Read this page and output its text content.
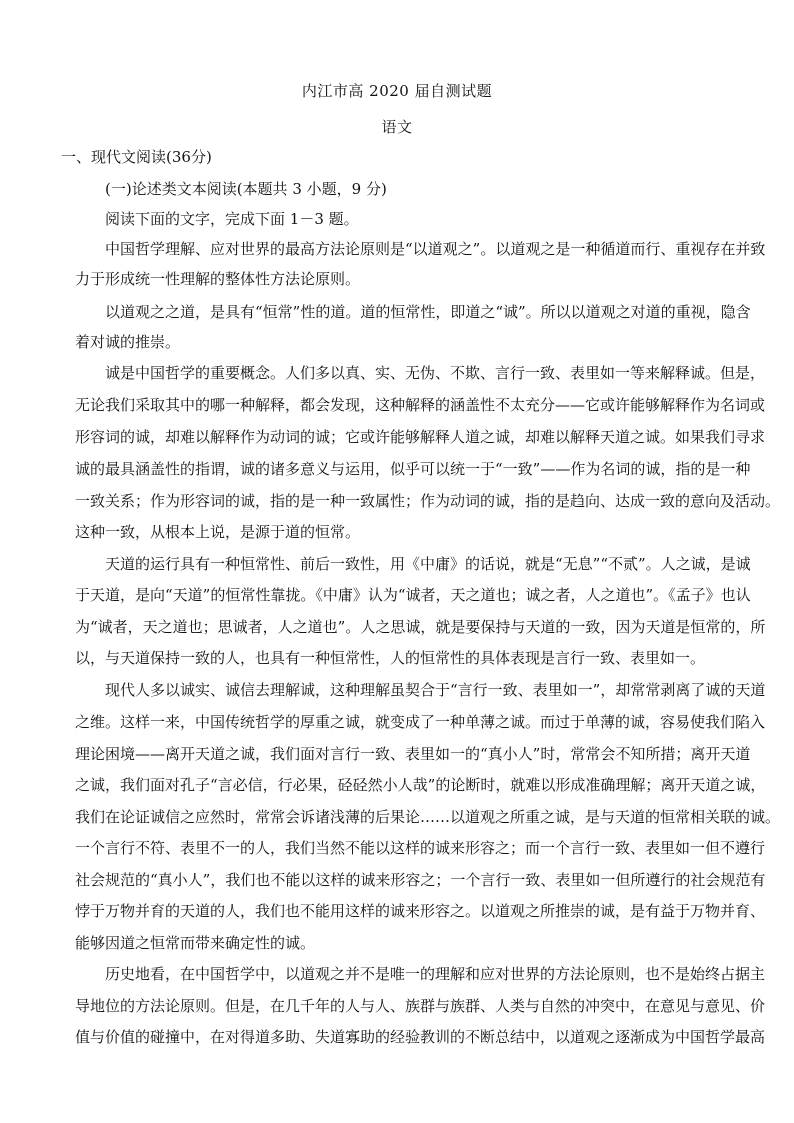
内江市高 2020 届自测试题
语文
一、现代文阅读(36分)
(一)论述类文本阅读(本题共 3 小题，9 分)
阅读下面的文字，完成下面 1－3 题。
中国哲学理解、应对世界的最高方法论原则是“以道观之”。以道观之是一种循道而行、重视存在并致
力于形成统一性理解的整体性方法论原则。
以道观之之道，是具有“恒常”性的道。道的恒常性，即道之“诚”。所以以道观之对道的重视，隐含
着对诚的推崇。
诚是中国哲学的重要概念。人们多以真、实、无伪、不欺、言行一致、表里如一等来解释诚。但是，
无论我们采取其中的哪一种解释，都会发现，这种解释的涵盖性不太充分——它或许能够解释作为名词或
形容词的诚，却难以解释作为动词的诚；它或许能够解释人道之诚，却难以解释天道之诚。如果我们寻求
诚的最具涵盖性的指谓，诚的诸多意义与运用，似乎可以统一于“一致”——作为名词的诚，指的是一种
一致关系；作为形容词的诚，指的是一种一致属性；作为动词的诚，指的是趋向、达成一致的意向及活动。
这种一致，从根本上说，是源于道的恒常。
天道的运行具有一种恒常性、前后一致性，用《中庸》的话说，就是“无息”“不贰”。人之诚，是诚
于天道，是向“天道”的恒常性靠拢。《中庸》认为“诚者，天之道也；诚之者，人之道也”。《孟子》也认
为“诚者，天之道也；思诚者，人之道也”。人之思诚，就是要保持与天道的一致，因为天道是恒常的，所
以，与天道保持一致的人，也具有一种恒常性，人的恒常性的具体表现是言行一致、表里如一。
现代人多以诚实、诚信去理解诚，这种理解虽契合于“言行一致、表里如一”，却常常剥离了诚的天道
之维。这样一来，中国传统哲学的厚重之诚，就变成了一种单薄之诚。而过于单薄的诚，容易使我们陷入
理论困境——离开天道之诚，我们面对言行一致、表里如一的“真小人”时，常常会不知所措；离开天道
之诚，我们面对孔子“言必信，行必果，硁硁然小人哉”的论断时，就难以形成准确理解；离开天道之诚，
我们在论证诚信之应然时，常常会诉诸浅薄的后果论……以道观之所重之诚，是与天道的恒常相关联的诚。
一个言行不符、表里不一的人，我们当然不能以这样的诚来形容之；而一个言行一致、表里如一但不遵行
社会规范的“真小人”，我们也不能以这样的诚来形容之；一个言行一致、表里如一但所遵行的社会规范有
悖于万物并育的天道的人，我们也不能用这样的诚来形容之。以道观之所推崇的诚，是有益于万物并育、
能够因道之恒常而带来确定性的诚。
历史地看，在中国哲学中，以道观之并不是唯一的理解和应对世界的方法论原则，也不是始终占据主
导地位的方法论原则。但是，在几千年的人与人、族群与族群、人类与自然的冲突中，在意见与意见、价
值与价值的碰撞中，在对得道多助、失道寡助的经验教训的不断总结中，以道观之逐渐成为中国哲学最高
